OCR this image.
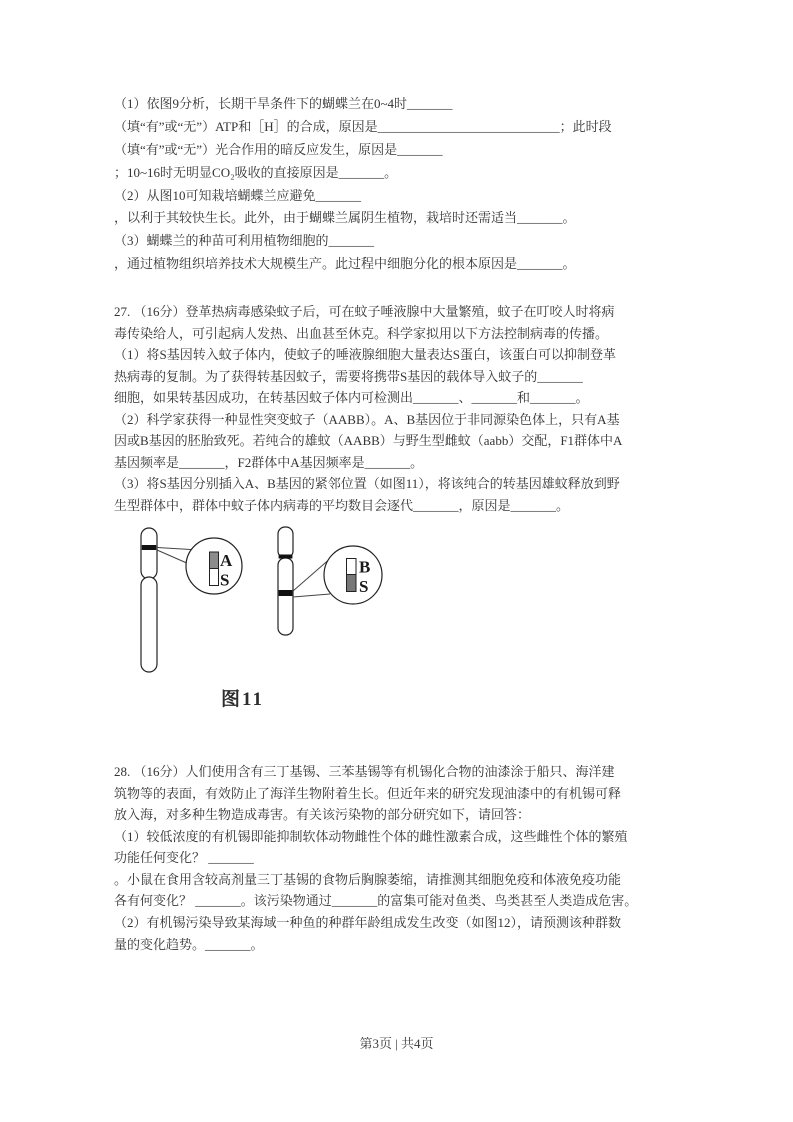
（1）依图9分析，长期干旱条件下的蝴蝶兰在0~4时_______
（填“有”或“无”）ATP和［H］的合成，原因是____________________________；此时段
（填“有”或“无”）光合作用的暗反应发生，原因是_______
；10~16时无明显CO₂吸收的直接原因是_______。
（2）从图10可知栽培蝴蝶兰应避免_______
，以利于其较快生长。此外，由于蝴蝶兰属阴生植物，栽培时还需适当_______。
（3）蝴蝶兰的种苗可利用植物细胞的_______
，通过植物组织培养技术大规模生产。此过程中细胞分化的根本原因是_______。
27. （16分）登革热病毒感染蚊子后，可在蚊子唾液腺中大量繁殖，蚊子在叮咬人时将病
毒传染给人，可引起病人发热、出血甚至休克。科学家拟用以下方法控制病毒的传播。
（1）将S基因转入蚊子体内，使蚊子的唾液腺细胞大量表达S蛋白，该蛋白可以抑制登革
热病毒的复制。为了获得转基因蚊子，需要将携带S基因的载体导入蚊子的_______
细胞，如果转基因成功，在转基因蚊子体内可检测出_______、_______和_______。
（2）科学家获得一种显性突变蚊子（AABB）。A、B基因位于非同源染色体上，只有A基
因或B基因的胚胎致死。若纯合的雄蚊（AABB）与野生型雌蚊（aabb）交配，F1群体中A
基因频率是_______，F2群体中A基因频率是_______。
（3）将S基因分别插入A、B基因的紧邻位置（如图11），将该纯合的转基因雄蚊释放到野
生型群体中，群体中蚊子体内病毒的平均数目会逐代_______，原因是_______。
A
S
B
S
图11
28. （16分）人们使用含有三丁基锡、三苯基锡等有机锡化合物的油漆涂于船只、海洋建
筑物等的表面，有效防止了海洋生物附着生长。但近年来的研究发现油漆中的有机锡可释
放入海，对多种生物造成毒害。有关该污染物的部分研究如下，请回答：
（1）较低浓度的有机锡即能抑制软体动物雌性个体的雌性激素合成，这些雌性个体的繁殖
功能任何变化？ _______
。小鼠在食用含较高剂量三丁基锡的食物后胸腺萎缩，请推测其细胞免疫和体液免疫功能
各有何变化？ _______。该污染物通过_______的富集可能对鱼类、鸟类甚至人类造成危害。
（2）有机锡污染导致某海域一种鱼的种群年龄组成发生改变（如图12），请预测该种群数
量的变化趋势。_______。
第3页 | 共4页
